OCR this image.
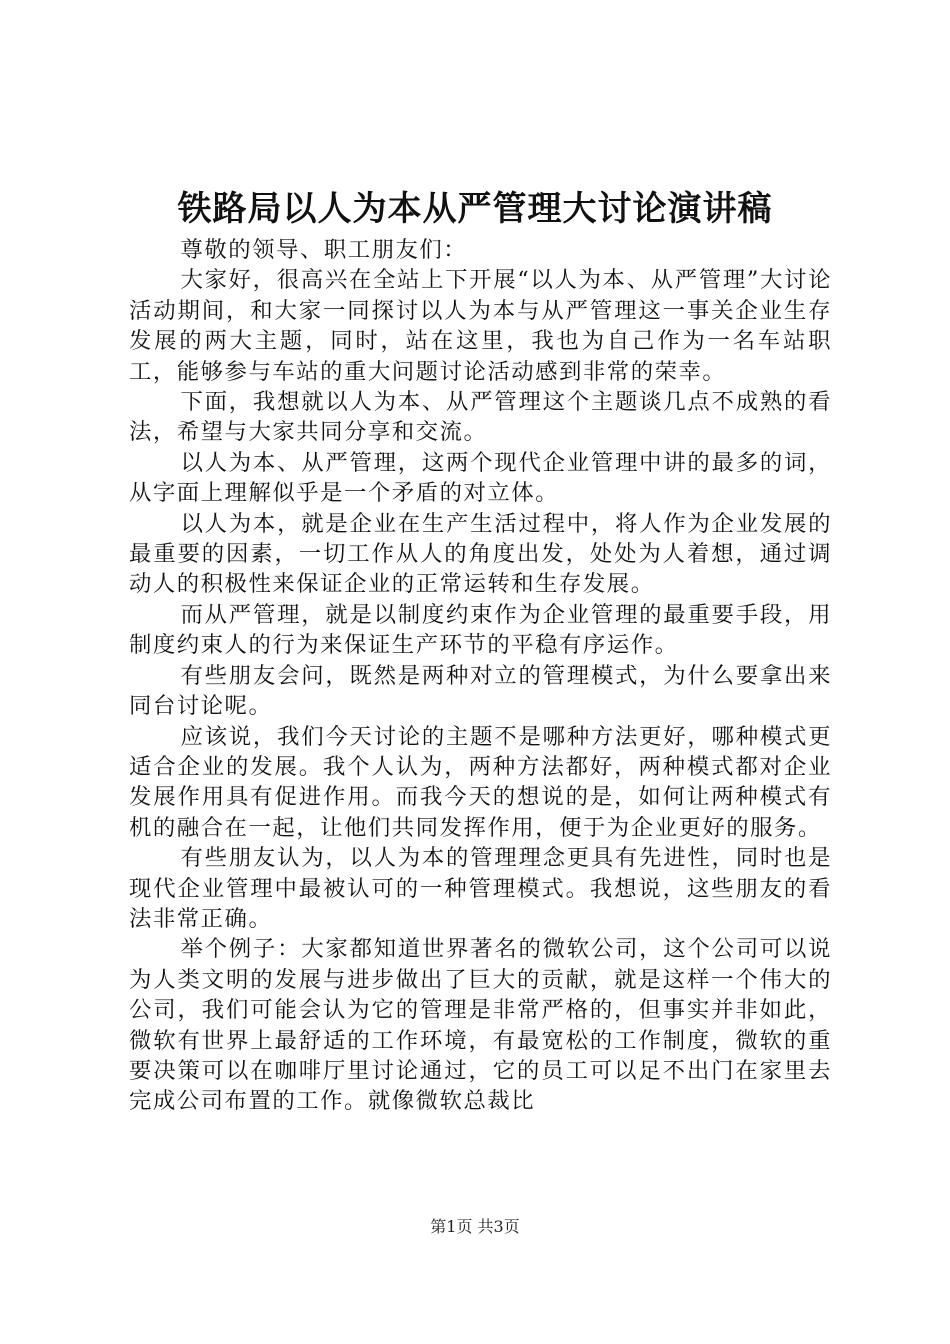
铁路局以人为本从严管理大讨论演讲稿

尊敬的领导、职工朋友们：

大家好，很高兴在全站上下开展“以人为本、从严管理”大讨论活动期间，和大家一同探讨以人为本与从严管理这一事关企业生存发展的两大主题，同时，站在这里，我也为自己作为一名车站职工，能够参与车站的重大问题讨论活动感到非常的荣幸。

下面，我想就以人为本、从严管理这个主题谈几点不成熟的看法，希望与大家共同分享和交流。

以人为本、从严管理，这两个现代企业管理中讲的最多的词，从字面上理解似乎是一个矛盾的对立体。

以人为本，就是企业在生产生活过程中，将人作为企业发展的最重要的因素，一切工作从人的角度出发，处处为人着想，通过调动人的积极性来保证企业的正常运转和生存发展。

而从严管理，就是以制度约束作为企业管理的最重要手段，用制度约束人的行为来保证生产环节的平稳有序运作。

有些朋友会问，既然是两种对立的管理模式，为什么要拿出来同台讨论呢。

应该说，我们今天讨论的主题不是哪种方法更好，哪种模式更适合企业的发展。我个人认为，两种方法都好，两种模式都对企业发展作用具有促进作用。而我今天的想说的是，如何让两种模式有机的融合在一起，让他们共同发挥作用，便于为企业更好的服务。

有些朋友认为，以人为本的管理理念更具有先进性，同时也是现代企业管理中最被认可的一种管理模式。我想说，这些朋友的看法非常正确。

举个例子：大家都知道世界著名的微软公司，这个公司可以说为人类文明的发展与进步做出了巨大的贡献，就是这样一个伟大的公司，我们可能会认为它的管理是非常严格的，但事实并非如此，微软有世界上最舒适的工作环境，有最宽松的工作制度，微软的重要决策可以在咖啡厅里讨论通过，它的员工可以足不出门在家里去完成公司布置的工作。就像微软总裁比

第1页 共3页
